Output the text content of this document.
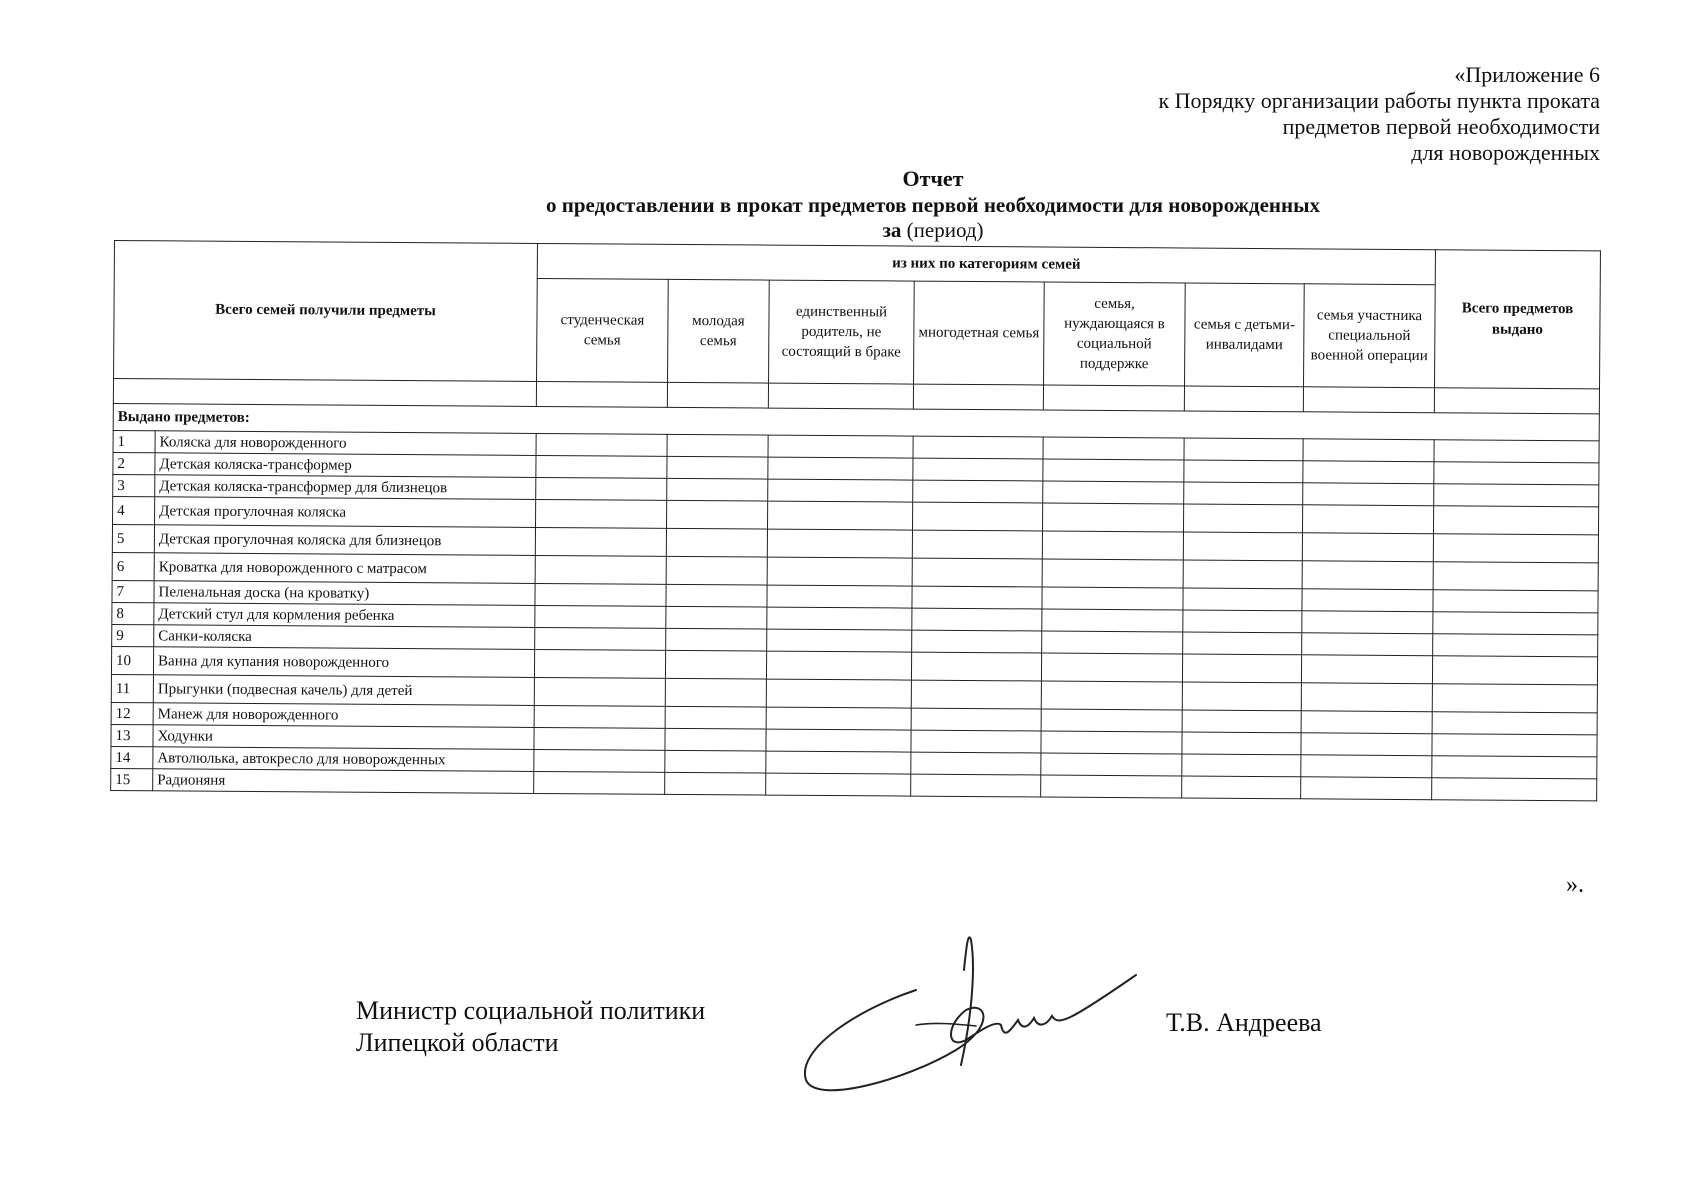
«Приложение 6
к Порядку организации работы пункта проката
предметов первой необходимости
для новорожденных
Отчет
о предоставлении в прокат предметов первой необходимости для новорожденных
за (период)
Всего семей получили предметы		из них по категориям семей							Всего предметов выдано
		студенческая семья	молодая семья	единственный родитель, не состоящий в браке	многодетная семья	семья, нуждающаяся в социальной поддержке	семья с детьми-инвалидами	семья участника специальной военной операции	

Выдано предметов:									
1	Коляска для новорожденного								
2	Детская коляска-трансформер								
3	Детская коляска-трансформер для близнецов								
4	Детская прогулочная коляска								
5	Детская прогулочная коляска для близнецов								
6	Кроватка для новорожденного с матрасом								
7	Пеленальная доска (на кроватку)								
8	Детский стул для кормления ребенка								
9	Санки-коляска								
10	Ванна для купания новорожденного								
11	Прыгунки (подвесная качель) для детей								
12	Манеж для новорожденного								
13	Ходунки								
14	Автолюлька, автокресло для новорожденных								
15	Радионяня								
».
Министр социальной политики
Липецкой области
Т.В. Андреева
